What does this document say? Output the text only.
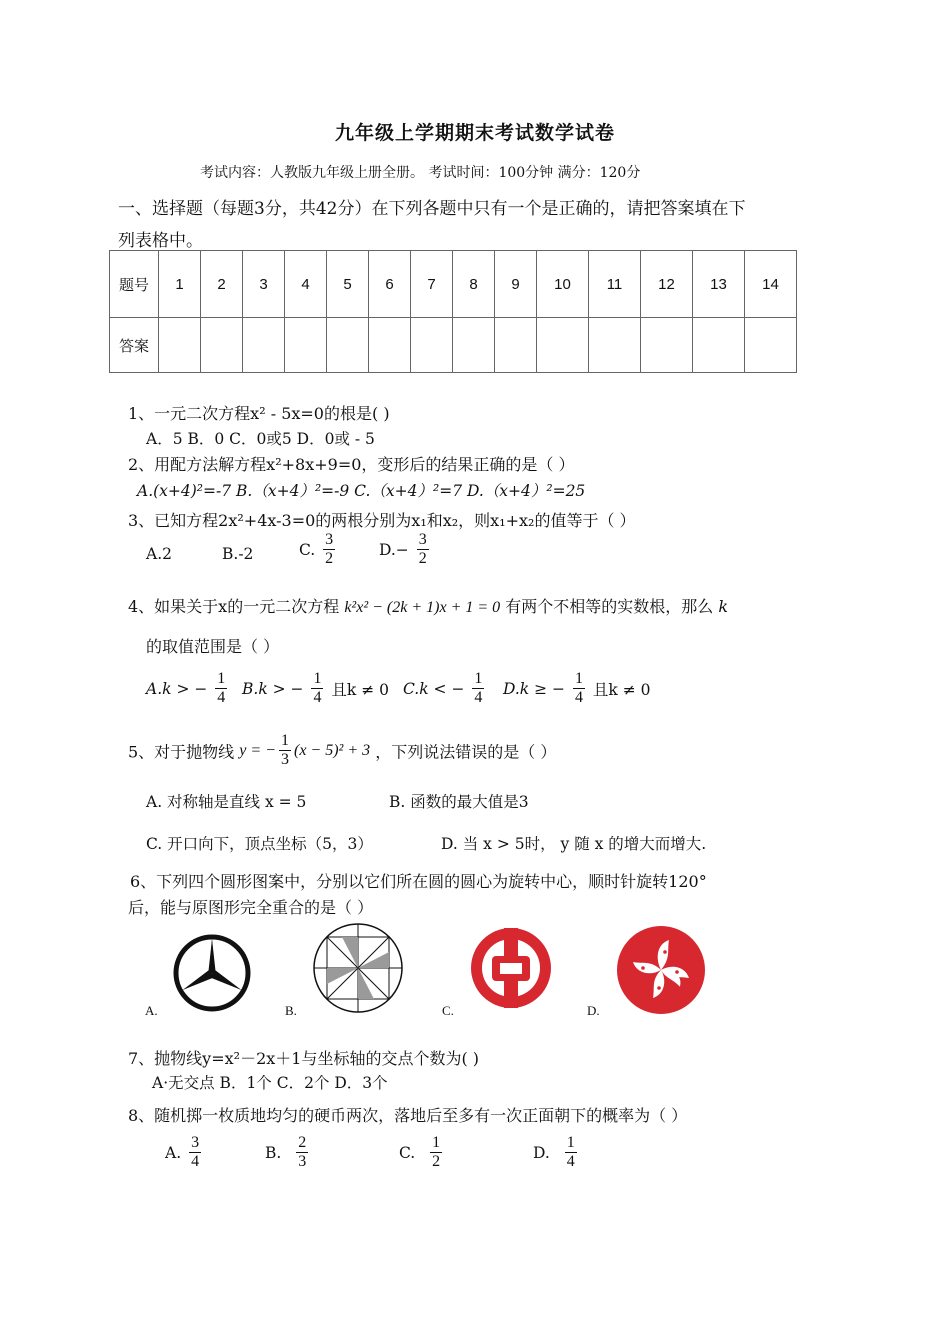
九年级上学期期末考试数学试卷
考试内容：人教版九年级上册全册。 考试时间：100分钟 满分：120分
一、选择题（每题3分，共42分）在下列各题中只有一个是正确的，请把答案填在下
列表格中。
题号	1	2	3	4	5	6	7	8	9	10	11	12	13	14
答案														
1、一元二次方程x² - 5x=0的根是( )
A．5 B．0 C．0或5 D．0或 - 5
2、用配方法解方程x²+8x+9=0，变形后的结果正确的是（ ）
A.(x+4)²=-7 B.（x+4）²=-9 C.（x+4）²=7 D.（x+4）²=25
3、已知方程2x²+4x-3=0的两根分别为x₁和x₂，则x₁+x₂的值等于（ ）
A.2	B.-2	C. $\frac{3}{2}$	$D.- \frac{3}{2}$
4、如果关于x的一元二次方程 k²x² − (2k + 1)x + 1 = 0 有两个不相等的实数根，那么 k
的取值范围是（ ）
A.k > − $\frac{1}{4} B.k$ > − $\frac{1}{4}$ 且k ≠ 0 C.k < − $\frac{1}{4} D.k$ ≥ − $\frac{1}{4}$ 且k ≠ 0
5、对于抛物线 y = − $\frac{1}{3} (x - 5)^2 + 3$ ，下列说法错误的是（ ）
A. 对称轴是直线 x = 5	B. 函数的最大值是3
C. 开口向下，顶点坐标（5，3）	D. 当 x > 5时， y 随 x 的增大而增大.
6、下列四个圆形图案中，分别以它们所在圆的圆心为旋转中心，顺时针旋转120°
后，能与原图形完全重合的是（ ）
A.	B.	C.	D.
7、抛物线y=x²－2x＋1与坐标轴的交点个数为( )
A·无交点 B．1个 C．2个 D．3个
8、随机掷一枚质地均匀的硬币两次，落地后至多有一次正面朝下的概率为（ ）
A. $\frac{3}{4}$	B. $\frac{2}{3}$	C. $\frac{1}{2}$	D. $\frac{1}{4}$
